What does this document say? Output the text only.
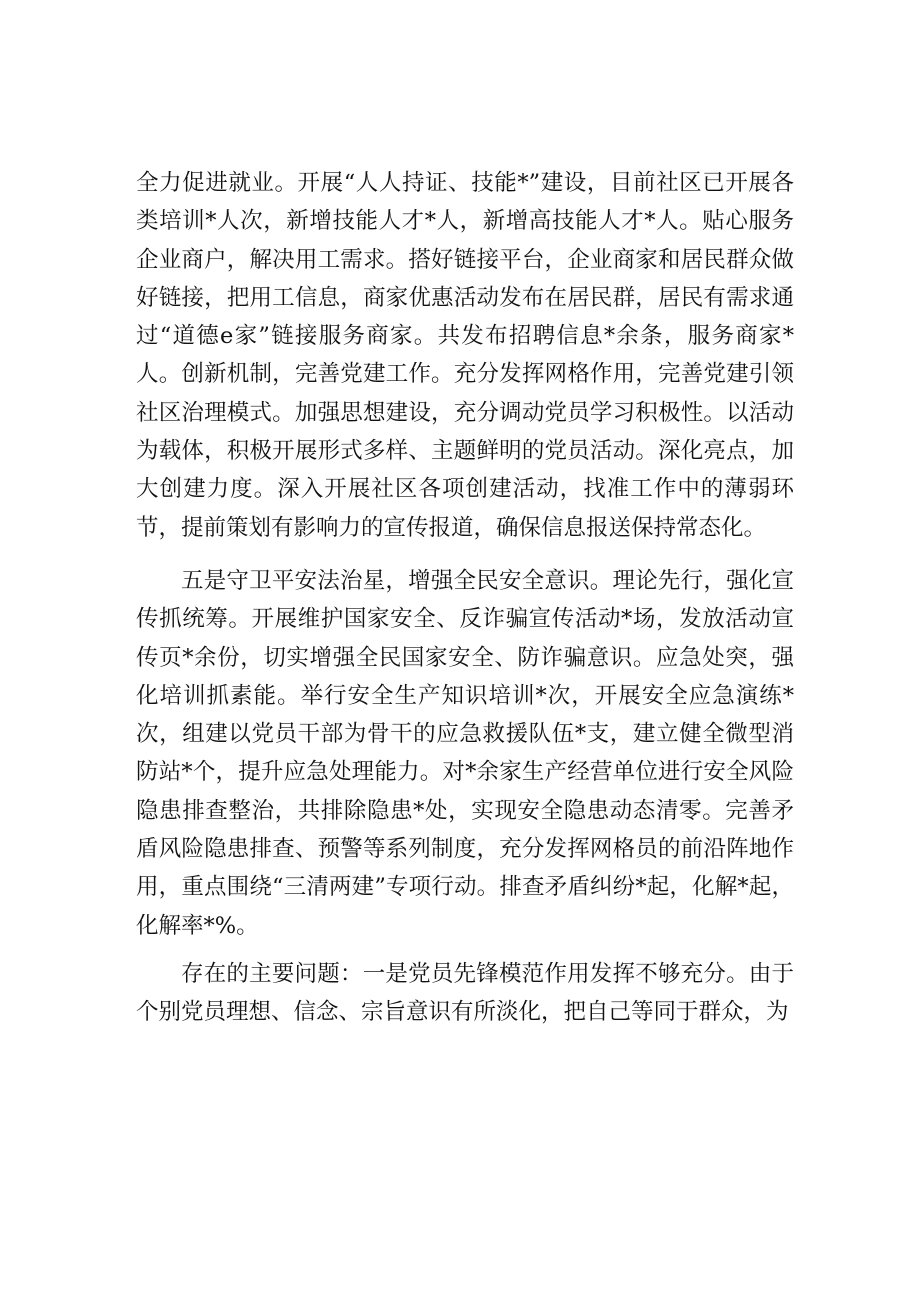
全力促进就业。开展“人人持证、技能*”建设，目前社区已开展各类培训*人次，新增技能人才*人，新增高技能人才*人。贴心服务企业商户，解决用工需求。搭好链接平台，企业商家和居民群众做好链接，把用工信息，商家优惠活动发布在居民群，居民有需求通过“道德e家”链接服务商家。共发布招聘信息*余条，服务商家*人。创新机制，完善党建工作。充分发挥网格作用，完善党建引领社区治理模式。加强思想建设，充分调动党员学习积极性。以活动为载体，积极开展形式多样、主题鲜明的党员活动。深化亮点，加大创建力度。深入开展社区各项创建活动，找准工作中的薄弱环节，提前策划有影响力的宣传报道，确保信息报送保持常态化。

五是守卫平安法治星，增强全民安全意识。理论先行，强化宣传抓统筹。开展维护国家安全、反诈骗宣传活动*场，发放活动宣传页*余份，切实增强全民国家安全、防诈骗意识。应急处突，强化培训抓素能。举行安全生产知识培训*次，开展安全应急演练*次，组建以党员干部为骨干的应急救援队伍*支，建立健全微型消防站*个，提升应急处理能力。对*余家生产经营单位进行安全风险隐患排查整治，共排除隐患*处，实现安全隐患动态清零。完善矛盾风险隐患排查、预警等系列制度，充分发挥网格员的前沿阵地作用，重点围绕“三清两建”专项行动。排查矛盾纠纷*起，化解*起，化解率*%。

存在的主要问题：一是党员先锋模范作用发挥不够充分。由于个别党员理想、信念、宗旨意识有所淡化，把自己等同于群众，为
